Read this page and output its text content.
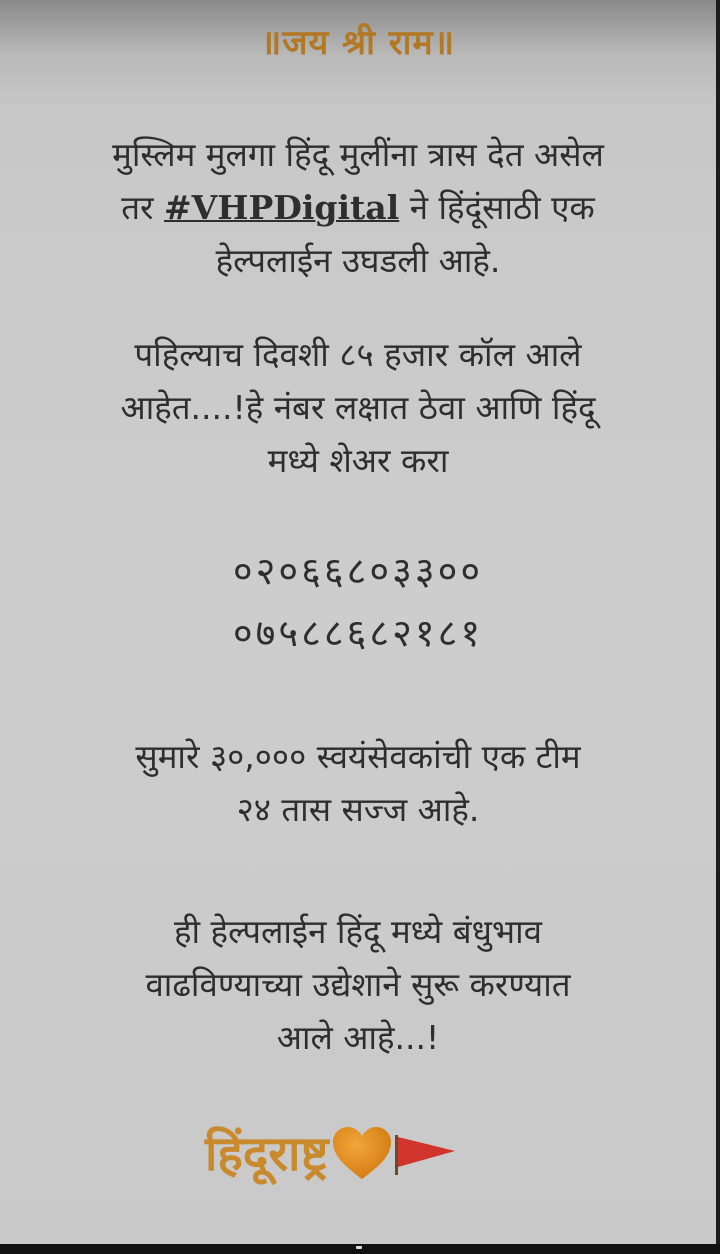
॥जय श्री राम॥
मुस्लिम मुलगा हिंदू मुलींना त्रास देत असेल
तर #VHPDigital ने हिंदूंसाठी एक
हेल्पलाईन उघडली आहे.
पहिल्याच दिवशी ८५ हजार कॉल आले
आहेत....!हे नंबर लक्षात ठेवा आणि हिंदू
मध्ये शेअर करा
०२०६६८०३३००
०७५८८६८२१८१
सुमारे ३०,००० स्वयंसेवकांची एक टीम
२४ तास सज्ज आहे.
ही हेल्पलाईन हिंदू मध्ये बंधुभाव
वाढविण्याच्या उद्येशाने सुरू करण्यात
आले आहे...!
हिंदूराष्ट्र
